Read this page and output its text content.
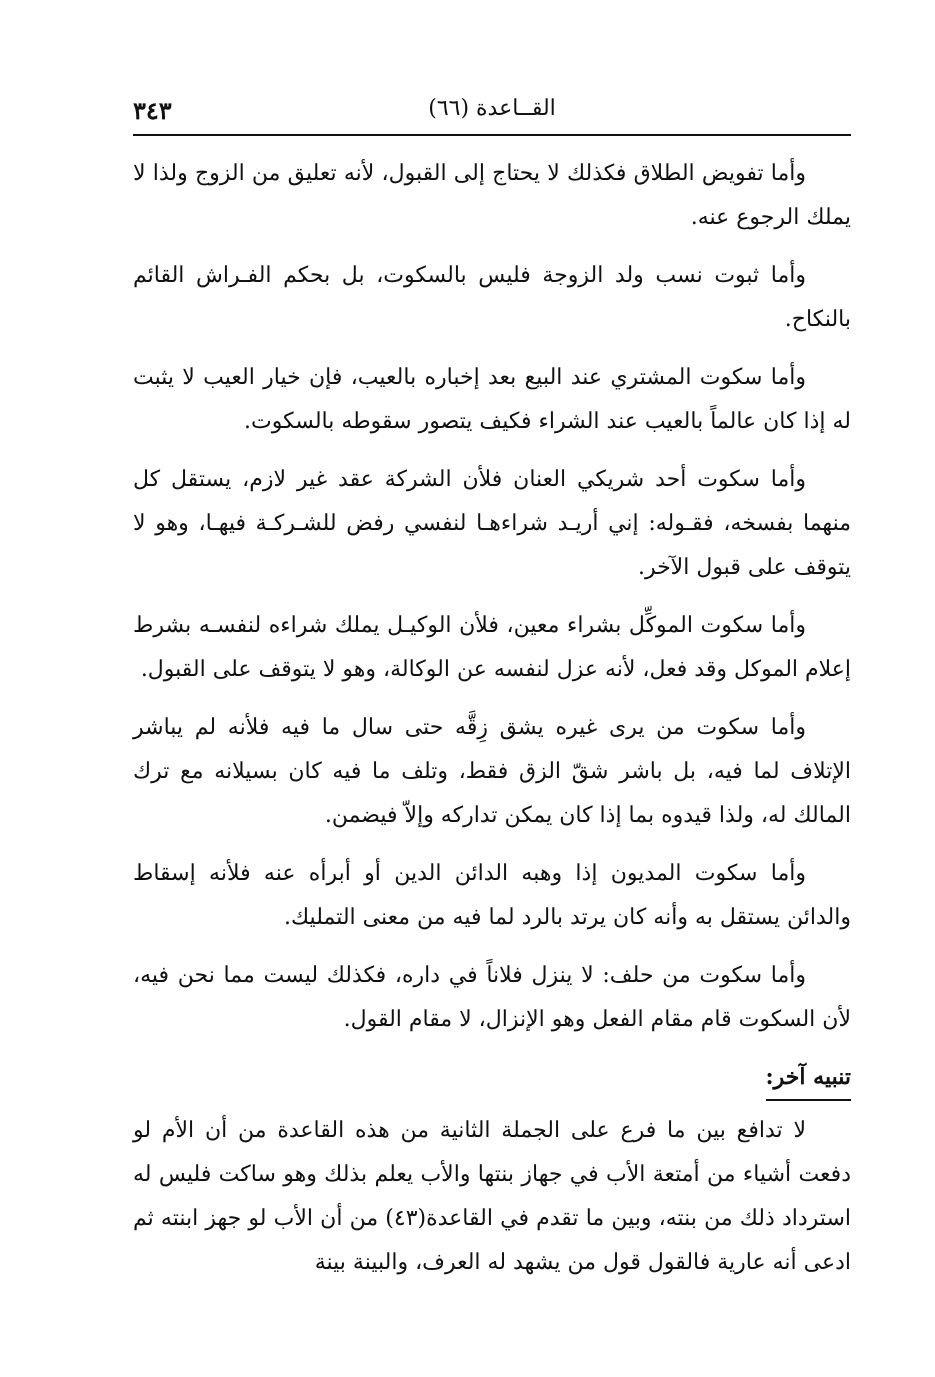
القــاعدة (٦٦)
٣٤٣

وأما تفويض الطلاق فكذلك لا يحتاج إلى القبول، لأنه تعليق من الزوج ولذا لا يملك الرجوع عنه.

وأما ثبوت نسب ولد الزوجة فليس بالسكوت، بل بحكم الفـراش القائم بالنكاح.

وأما سكوت المشتري عند البيع بعد إخباره بالعيب، فإن خيار العيب لا يثبت له إذا كان عالماً بالعيب عند الشراء فكيف يتصور سقوطه بالسكوت.

وأما سكوت أحد شريكي العنان فلأن الشركة عقد غير لازم، يستقل كل منهما بفسخه، فقـوله: إني أريـد شراءهـا لنفسي رفض للشـركـة فيهـا، وهو لا يتوقف على قبول الآخر.

وأما سكوت الموكِّل بشراء معين، فلأن الوكيـل يملك شراءه لنفسـه بشرط إعلام الموكل وقد فعل، لأنه عزل لنفسه عن الوكالة، وهو لا يتوقف على القبول.

وأما سكوت من يرى غيره يشق زِقَّه حتى سال ما فيه فلأنه لم يباشر الإتلاف لما فيه، بل باشر شقّ الزق فقط، وتلف ما فيه كان بسيلانه مع ترك المالك له، ولذا قيدوه بما إذا كان يمكن تداركه وإلاّ فيضمن.

وأما سكوت المديون إذا وهبه الدائن الدين أو أبرأه عنه فلأنه إسقاط والدائن يستقل به وأنه كان يرتد بالرد لما فيه من معنى التمليك.

وأما سكوت من حلف: لا ينزل فلاناً في داره، فكذلك ليست مما نحن فيه، لأن السكوت قام مقام الفعل وهو الإنزال، لا مقام القول.

تنبيه آخر:

لا تدافع بين ما فرع على الجملة الثانية من هذه القاعدة من أن الأم لو دفعت أشياء من أمتعة الأب في جهاز بنتها والأب يعلم بذلك وهو ساكت فليس له استرداد ذلك من بنته، وبين ما تقدم في القاعدة(٤٣) من أن الأب لو جهز ابنته ثم ادعى أنه عارية فالقول قول من يشهد له العرف، والبينة بينة
